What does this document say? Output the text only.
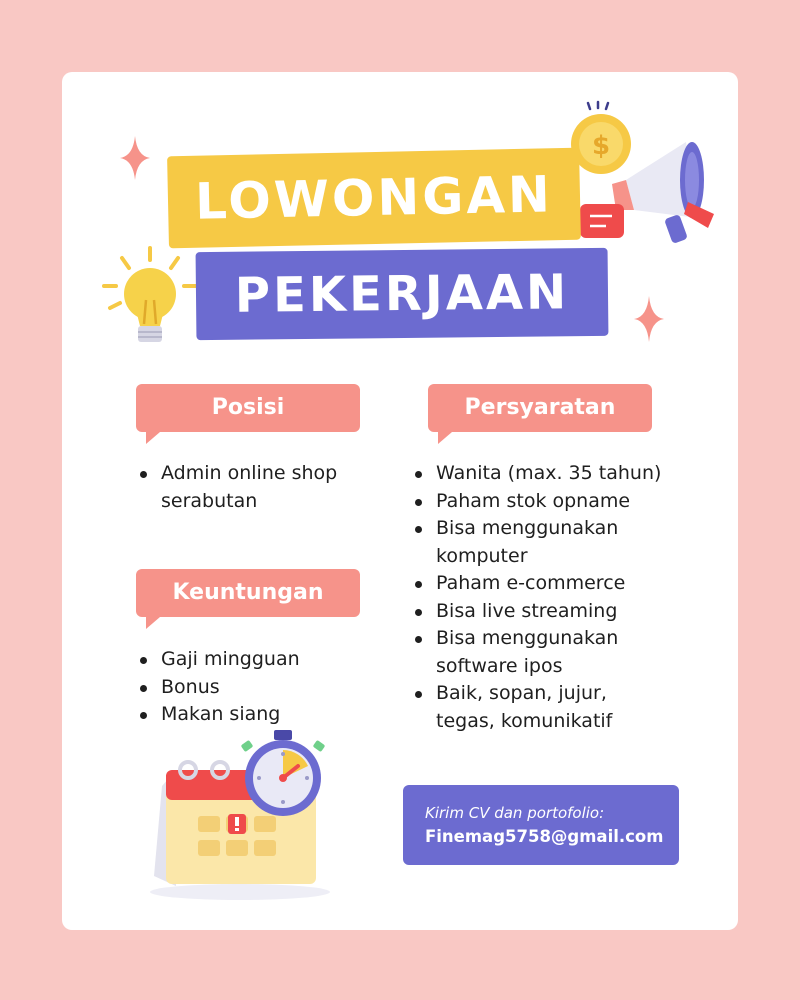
$
LOWONGAN
PEKERJAAN
Posisi
Admin online shop serabutan
Keuntungan
Gaji mingguan
Bonus
Makan siang
Persyaratan
Wanita (max. 35 tahun)
Paham stok opname
Bisa menggunakan komputer
Paham e-commerce
Bisa live streaming
Bisa menggunakan software ipos
Baik, sopan, jujur, tegas, komunikatif
Kirim CV dan portofolio:
Finemag5758@gmail.com
